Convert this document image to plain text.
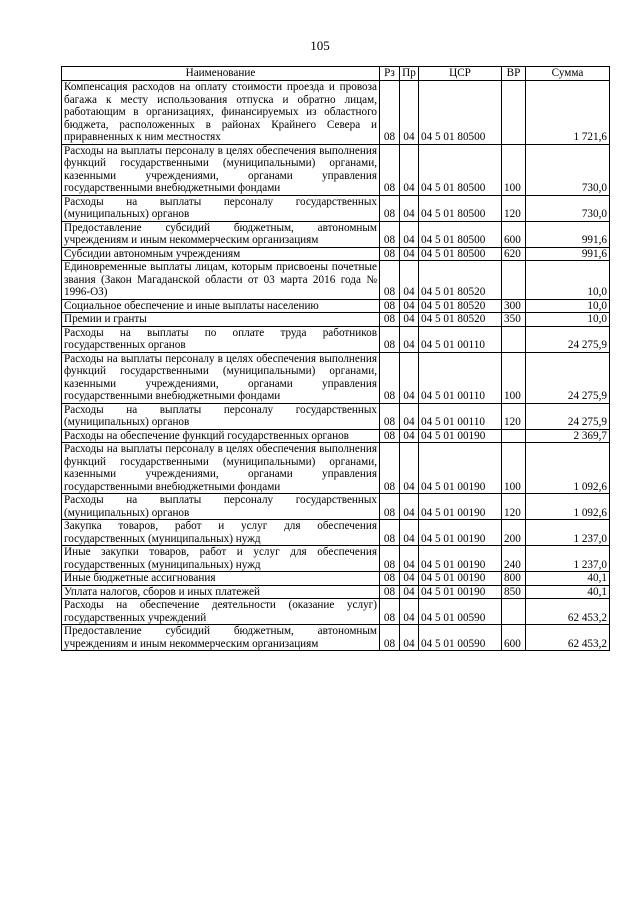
105
Наименование	Рз	Пр	ЦСР	ВР	Сумма
Компенсация расходов на оплату стоимости проезда и провоза багажа к месту использования отпуска и обратно лицам, работающим в организациях, финансируемых из областного бюджета, расположенных в районах Крайнего Севера и приравненных к ним местностях	08	04	04 5 01 80500		1 721,6
Расходы на выплаты персоналу в целях обеспечения выполнения функций государственными (муниципальными) органами, казенными учреждениями, органами управления государственными внебюджетными фондами	08	04	04 5 01 80500	100	730,0
Расходы на выплаты персоналу государственных (муниципальных) органов	08	04	04 5 01 80500	120	730,0
Предоставление субсидий бюджетным, автономным учреждениям и иным некоммерческим организациям	08	04	04 5 01 80500	600	991,6
Субсидии автономным учреждениям	08	04	04 5 01 80500	620	991,6
Единовременные выплаты лицам, которым присвоены почетные звания (Закон Магаданской области от 03 марта 2016 года № 1996-ОЗ)	08	04	04 5 01 80520		10,0
Социальное обеспечение и иные выплаты населению	08	04	04 5 01 80520	300	10,0
Премии и гранты	08	04	04 5 01 80520	350	10,0
Расходы на выплаты по оплате труда работников государственных органов	08	04	04 5 01 00110		24 275,9
Расходы на выплаты персоналу в целях обеспечения выполнения функций государственными (муниципальными) органами, казенными учреждениями, органами управления государственными внебюджетными фондами	08	04	04 5 01 00110	100	24 275,9
Расходы на выплаты персоналу государственных (муниципальных) органов	08	04	04 5 01 00110	120	24 275,9
Расходы на обеспечение функций государственных органов	08	04	04 5 01 00190		2 369,7
Расходы на выплаты персоналу в целях обеспечения выполнения функций государственными (муниципальными) органами, казенными учреждениями, органами управления государственными внебюджетными фондами	08	04	04 5 01 00190	100	1 092,6
Расходы на выплаты персоналу государственных (муниципальных) органов	08	04	04 5 01 00190	120	1 092,6
Закупка товаров, работ и услуг для обеспечения государственных (муниципальных) нужд	08	04	04 5 01 00190	200	1 237,0
Иные закупки товаров, работ и услуг для обеспечения государственных (муниципальных) нужд	08	04	04 5 01 00190	240	1 237,0
Иные бюджетные ассигнования	08	04	04 5 01 00190	800	40,1
Уплата налогов, сборов и иных платежей	08	04	04 5 01 00190	850	40,1
Расходы на обеспечение деятельности (оказание услуг) государственных учреждений	08	04	04 5 01 00590		62 453,2
Предоставление субсидий бюджетным, автономным учреждениям и иным некоммерческим организациям	08	04	04 5 01 00590	600	62 453,2
